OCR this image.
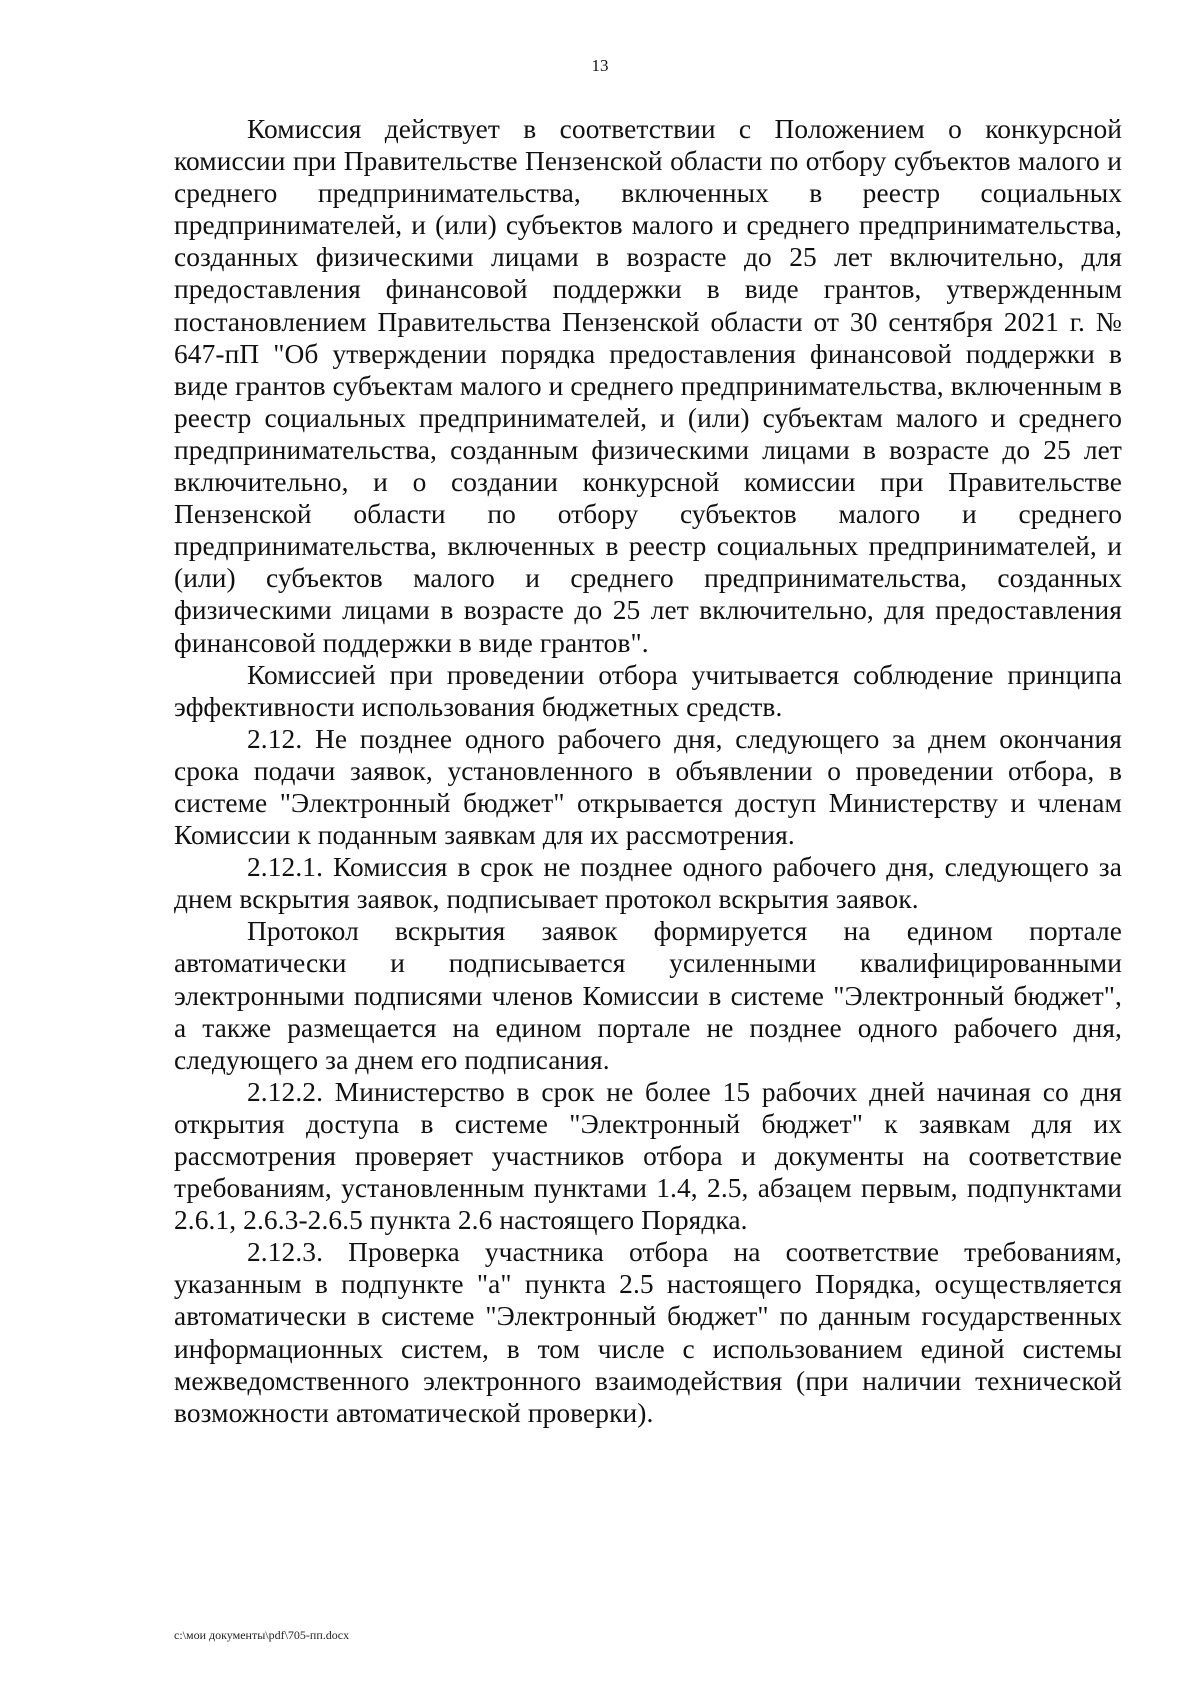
13

Комиссия действует в соответствии с Положением о конкурсной комиссии при Правительстве Пензенской области по отбору субъектов малого и среднего предпринимательства, включенных в реестр социальных предпринимателей, и (или) субъектов малого и среднего предпринимательства, созданных физическими лицами в возрасте до 25 лет включительно, для предоставления финансовой поддержки в виде грантов, утвержденным постановлением Правительства Пензенской области от 30 сентября 2021 г. № 647-пП "Об утверждении порядка предоставления финансовой поддержки в виде грантов субъектам малого и среднего предпринимательства, включенным в реестр социальных предпринимателей, и (или) субъектам малого и среднего предпринимательства, созданным физическими лицами в возрасте до 25 лет включительно, и о создании конкурсной комиссии при Правительстве Пензенской области по отбору субъектов малого и среднего предпринимательства, включенных в реестр социальных предпринимателей, и (или) субъектов малого и среднего предпринимательства, созданных физическими лицами в возрасте до 25 лет включительно, для предоставления финансовой поддержки в виде грантов".

Комиссией при проведении отбора учитывается соблюдение принципа эффективности использования бюджетных средств.

2.12. Не позднее одного рабочего дня, следующего за днем окончания срока подачи заявок, установленного в объявлении о проведении отбора, в системе "Электронный бюджет" открывается доступ Министерству и членам Комиссии к поданным заявкам для их рассмотрения.

2.12.1. Комиссия в срок не позднее одного рабочего дня, следующего за днем вскрытия заявок, подписывает протокол вскрытия заявок.

Протокол вскрытия заявок формируется на едином портале автоматически и подписывается усиленными квалифицированными электронными подписями членов Комиссии в системе "Электронный бюджет", а также размещается на едином портале не позднее одного рабочего дня, следующего за днем его подписания.

2.12.2. Министерство в срок не более 15 рабочих дней начиная со дня открытия доступа в системе "Электронный бюджет" к заявкам для их рассмотрения проверяет участников отбора и документы на соответствие требованиям, установленным пунктами 1.4, 2.5, абзацем первым, подпунктами 2.6.1, 2.6.3-2.6.5 пункта 2.6 настоящего Порядка.

2.12.3. Проверка участника отбора на соответствие требованиям, указанным в подпункте "а" пункта 2.5 настоящего Порядка, осуществляется автоматически в системе "Электронный бюджет" по данным государственных информационных систем, в том числе с использованием единой системы межведомственного электронного взаимодействия (при наличии технической возможности автоматической проверки).

c:\мои документы\pdf\705-пп.docx
